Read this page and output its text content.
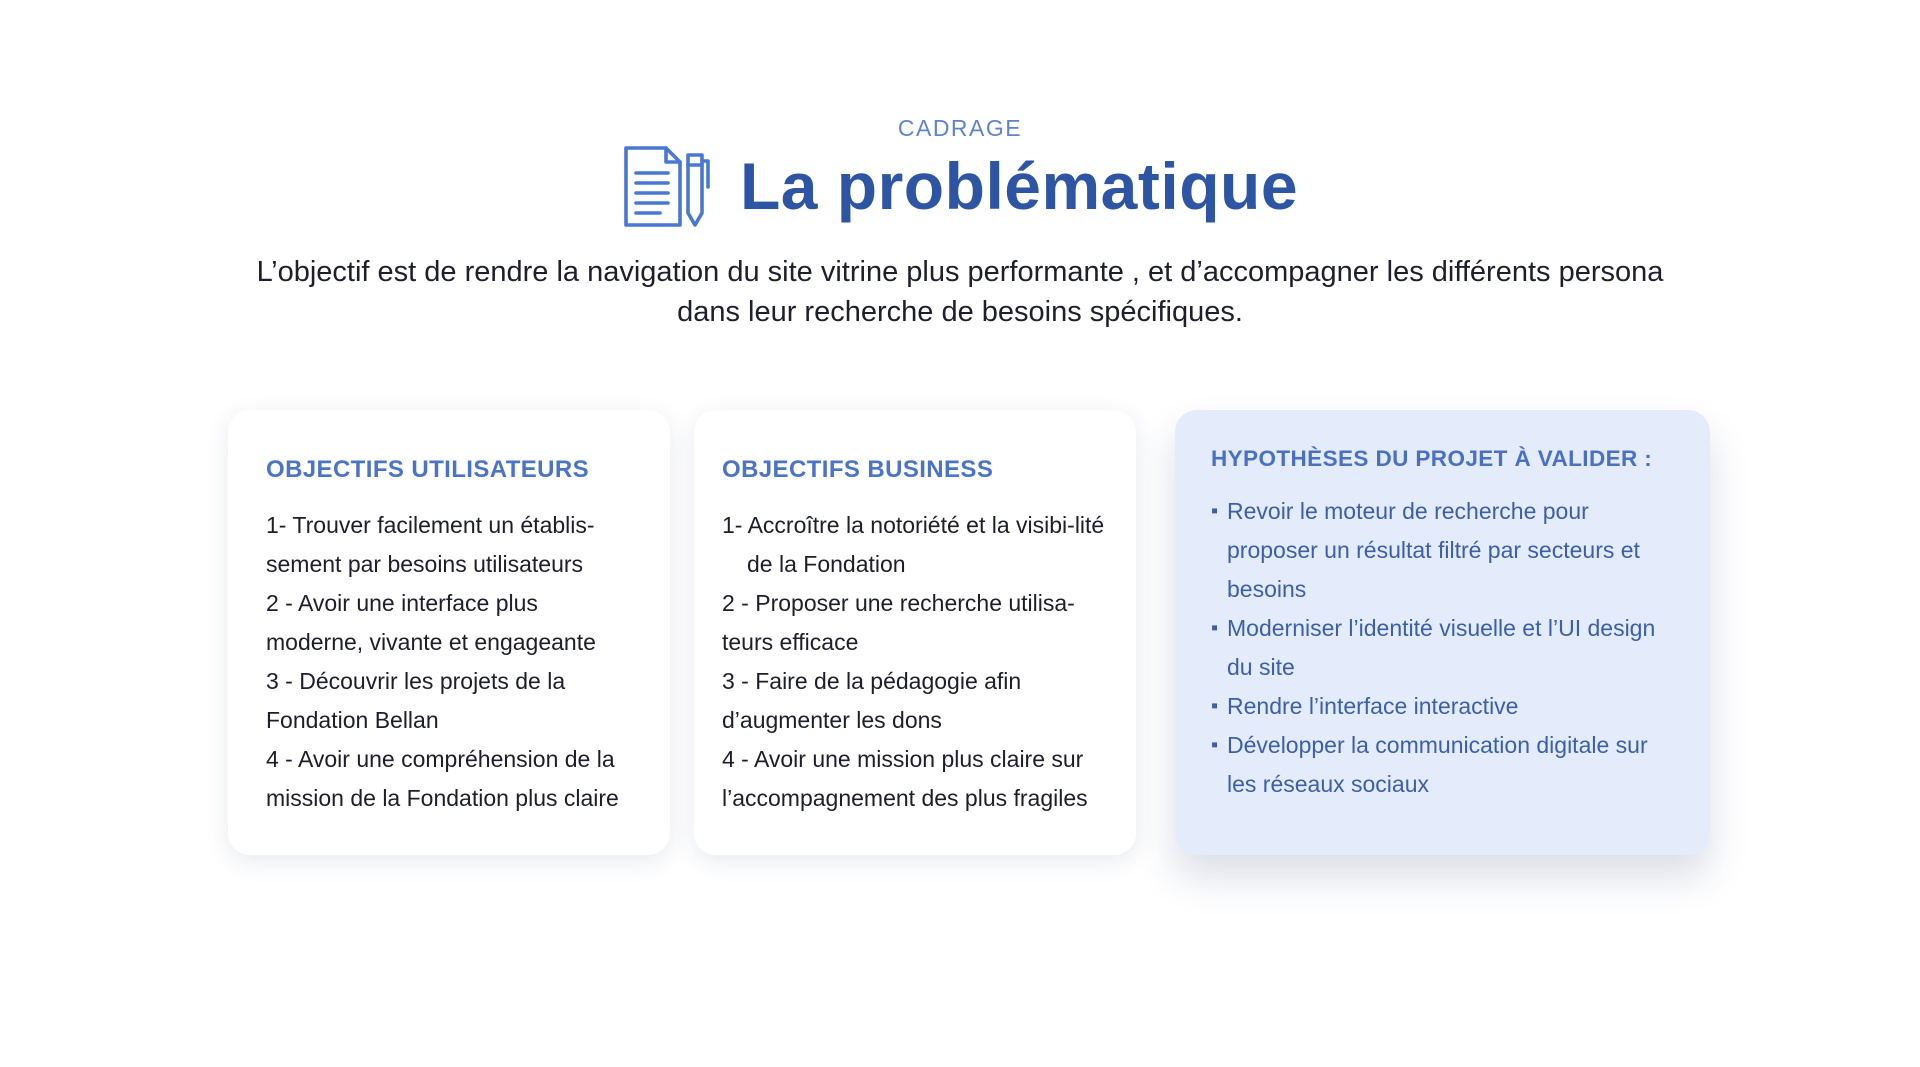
CADRAGE
La problématique
L’objectif est de rendre la navigation du site vitrine plus performante , et d’accompagner les différents persona dans leur recherche de besoins spécifiques.
OBJECTIFS UTILISATEURS
1- Trouver facilement un établis-sement par besoins utilisateurs
2 - Avoir une interface plus moderne, vivante et engageante
3 - Découvrir les projets de la Fondation Bellan
4 - Avoir une compréhension de la mission de la Fondation plus claire
OBJECTIFS BUSINESS
1- Accroître la notoriété et la visibi-lité de la Fondation
2 - Proposer une recherche utilisa-teurs efficace
3 - Faire de la pédagogie afin d’augmenter les dons
4 - Avoir une mission plus claire sur l’accompagnement des plus fragiles
HYPOTHÈSES DU PROJET À VALIDER :
▪ Revoir le moteur de recherche pour proposer un résultat filtré par secteurs et besoins
▪ Moderniser l’identité visuelle et l’UI design du site
▪ Rendre l’interface interactive
▪ Développer la communication digitale sur les réseaux sociaux
